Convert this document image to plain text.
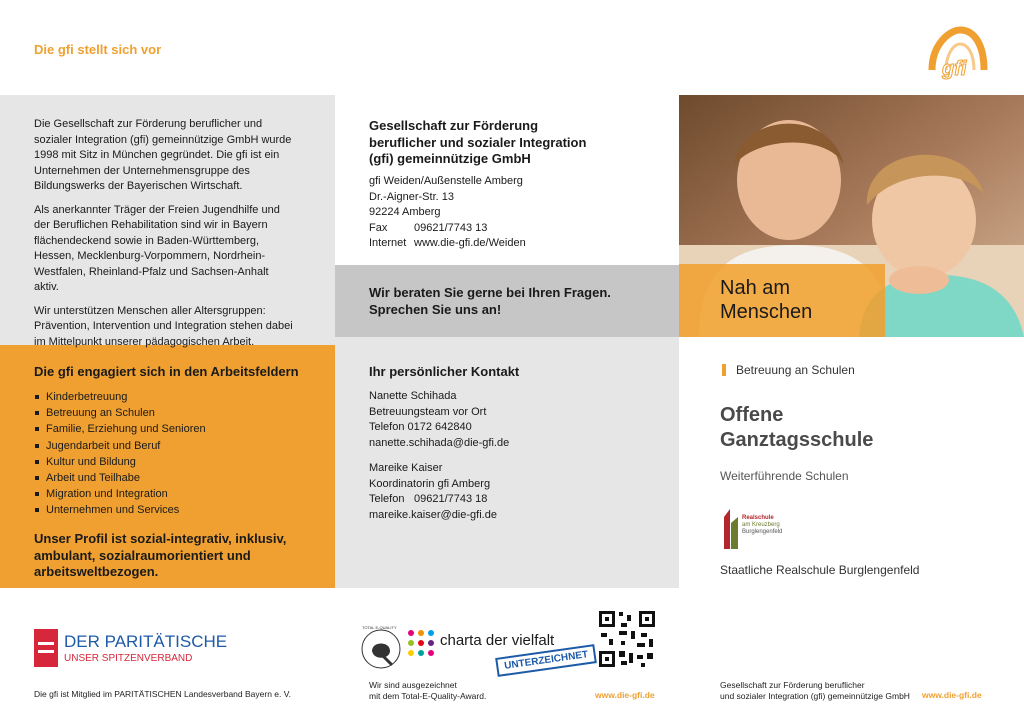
Die gfi stellt sich vor
gfi

Die Gesellschaft zur Förderung beruflicher und sozialer Integration (gfi) gemeinnützige GmbH wurde 1998 mit Sitz in München gegründet. Die gfi ist ein Unternehmen der Unternehmensgruppe des Bildungswerks der Bayerischen Wirtschaft.

Als anerkannter Träger der Freien Jugendhilfe und der Beruflichen Rehabilitation sind wir in Bayern flächendeckend sowie in Baden-Württemberg, Hessen, Mecklenburg-Vorpommern, Nordrhein-Westfalen, Rheinland-Pfalz und Sachsen-Anhalt aktiv.

Wir unterstützen Menschen aller Altersgruppen: Prävention, Intervention und Integration stehen dabei im Mittelpunkt unserer pädagogischen Arbeit.

Gesellschaft zur Förderung
beruflicher und sozialer Integration
(gfi) gemeinnützige GmbH
gfi Weiden/Außenstelle Amberg
Dr.-Aigner-Str. 13
92224 Amberg
Fax 09621/7743 13
Internet www.die-gfi.de/Weiden
Wir beraten Sie gerne bei Ihren Fragen.
Sprechen Sie uns an!
Die gfi engagiert sich in den Arbeitsfeldern
Kinderbetreuung
Betreuung an Schulen
Familie, Erziehung und Senioren
Jugendarbeit und Beruf
Kultur und Bildung
Arbeit und Teilhabe
Migration und Integration
Unternehmen und Services
Unser Profil ist sozial-integrativ, inklusiv, ambulant, sozialraumorientiert und arbeitsweltbezogen.
Ihr persönlicher Kontakt
Nanette Schihada
Betreuungsteam vor Ort
Telefon 0172 642840
nanette.schihada@die-gfi.de
Mareike Kaiser
Koordinatorin gfi Amberg
Telefon 09621/7743 18
mareike.kaiser@die-gfi.de
Nah am
Menschen
Betreuung an Schulen
Offene
Ganztagsschule
Weiterführende Schulen
Realschule
am Kreuzberg
Burglengenfeld
Staatliche Realschule Burglengenfeld
DER PARITÄTISCHE
UNSER SPITZENVERBAND
Die gfi ist Mitglied im PARITÄTISCHEN Landesverband Bayern e. V.
TOTAL E-QUALITY
charta der vielfalt
UNTERZEICHNET
Wir sind ausgezeichnet
mit dem Total-E-Quality-Award.	www.die-gfi.de
Gesellschaft zur Förderung beruflicher
und sozialer Integration (gfi) gemeinnützige GmbH www.die-gfi.de
